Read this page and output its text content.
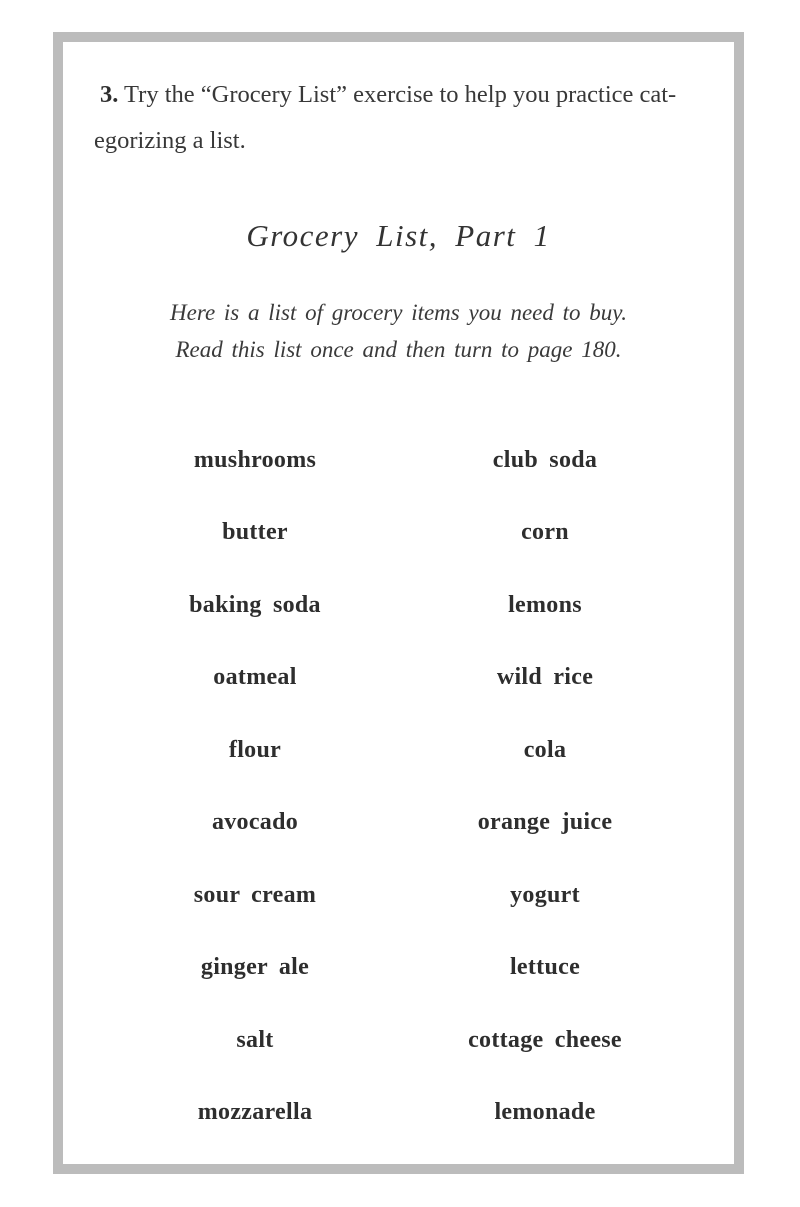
3. Try the “Grocery List” exercise to help you practice cat-
egorizing a list.

Grocery List, Part 1

Here is a list of grocery items you need to buy.
Read this list once and then turn to page 180.

mushrooms	club soda
butter	corn
baking soda	lemons
oatmeal	wild rice
flour	cola
avocado	orange juice
sour cream	yogurt
ginger ale	lettuce
salt	cottage cheese
mozzarella	lemonade
